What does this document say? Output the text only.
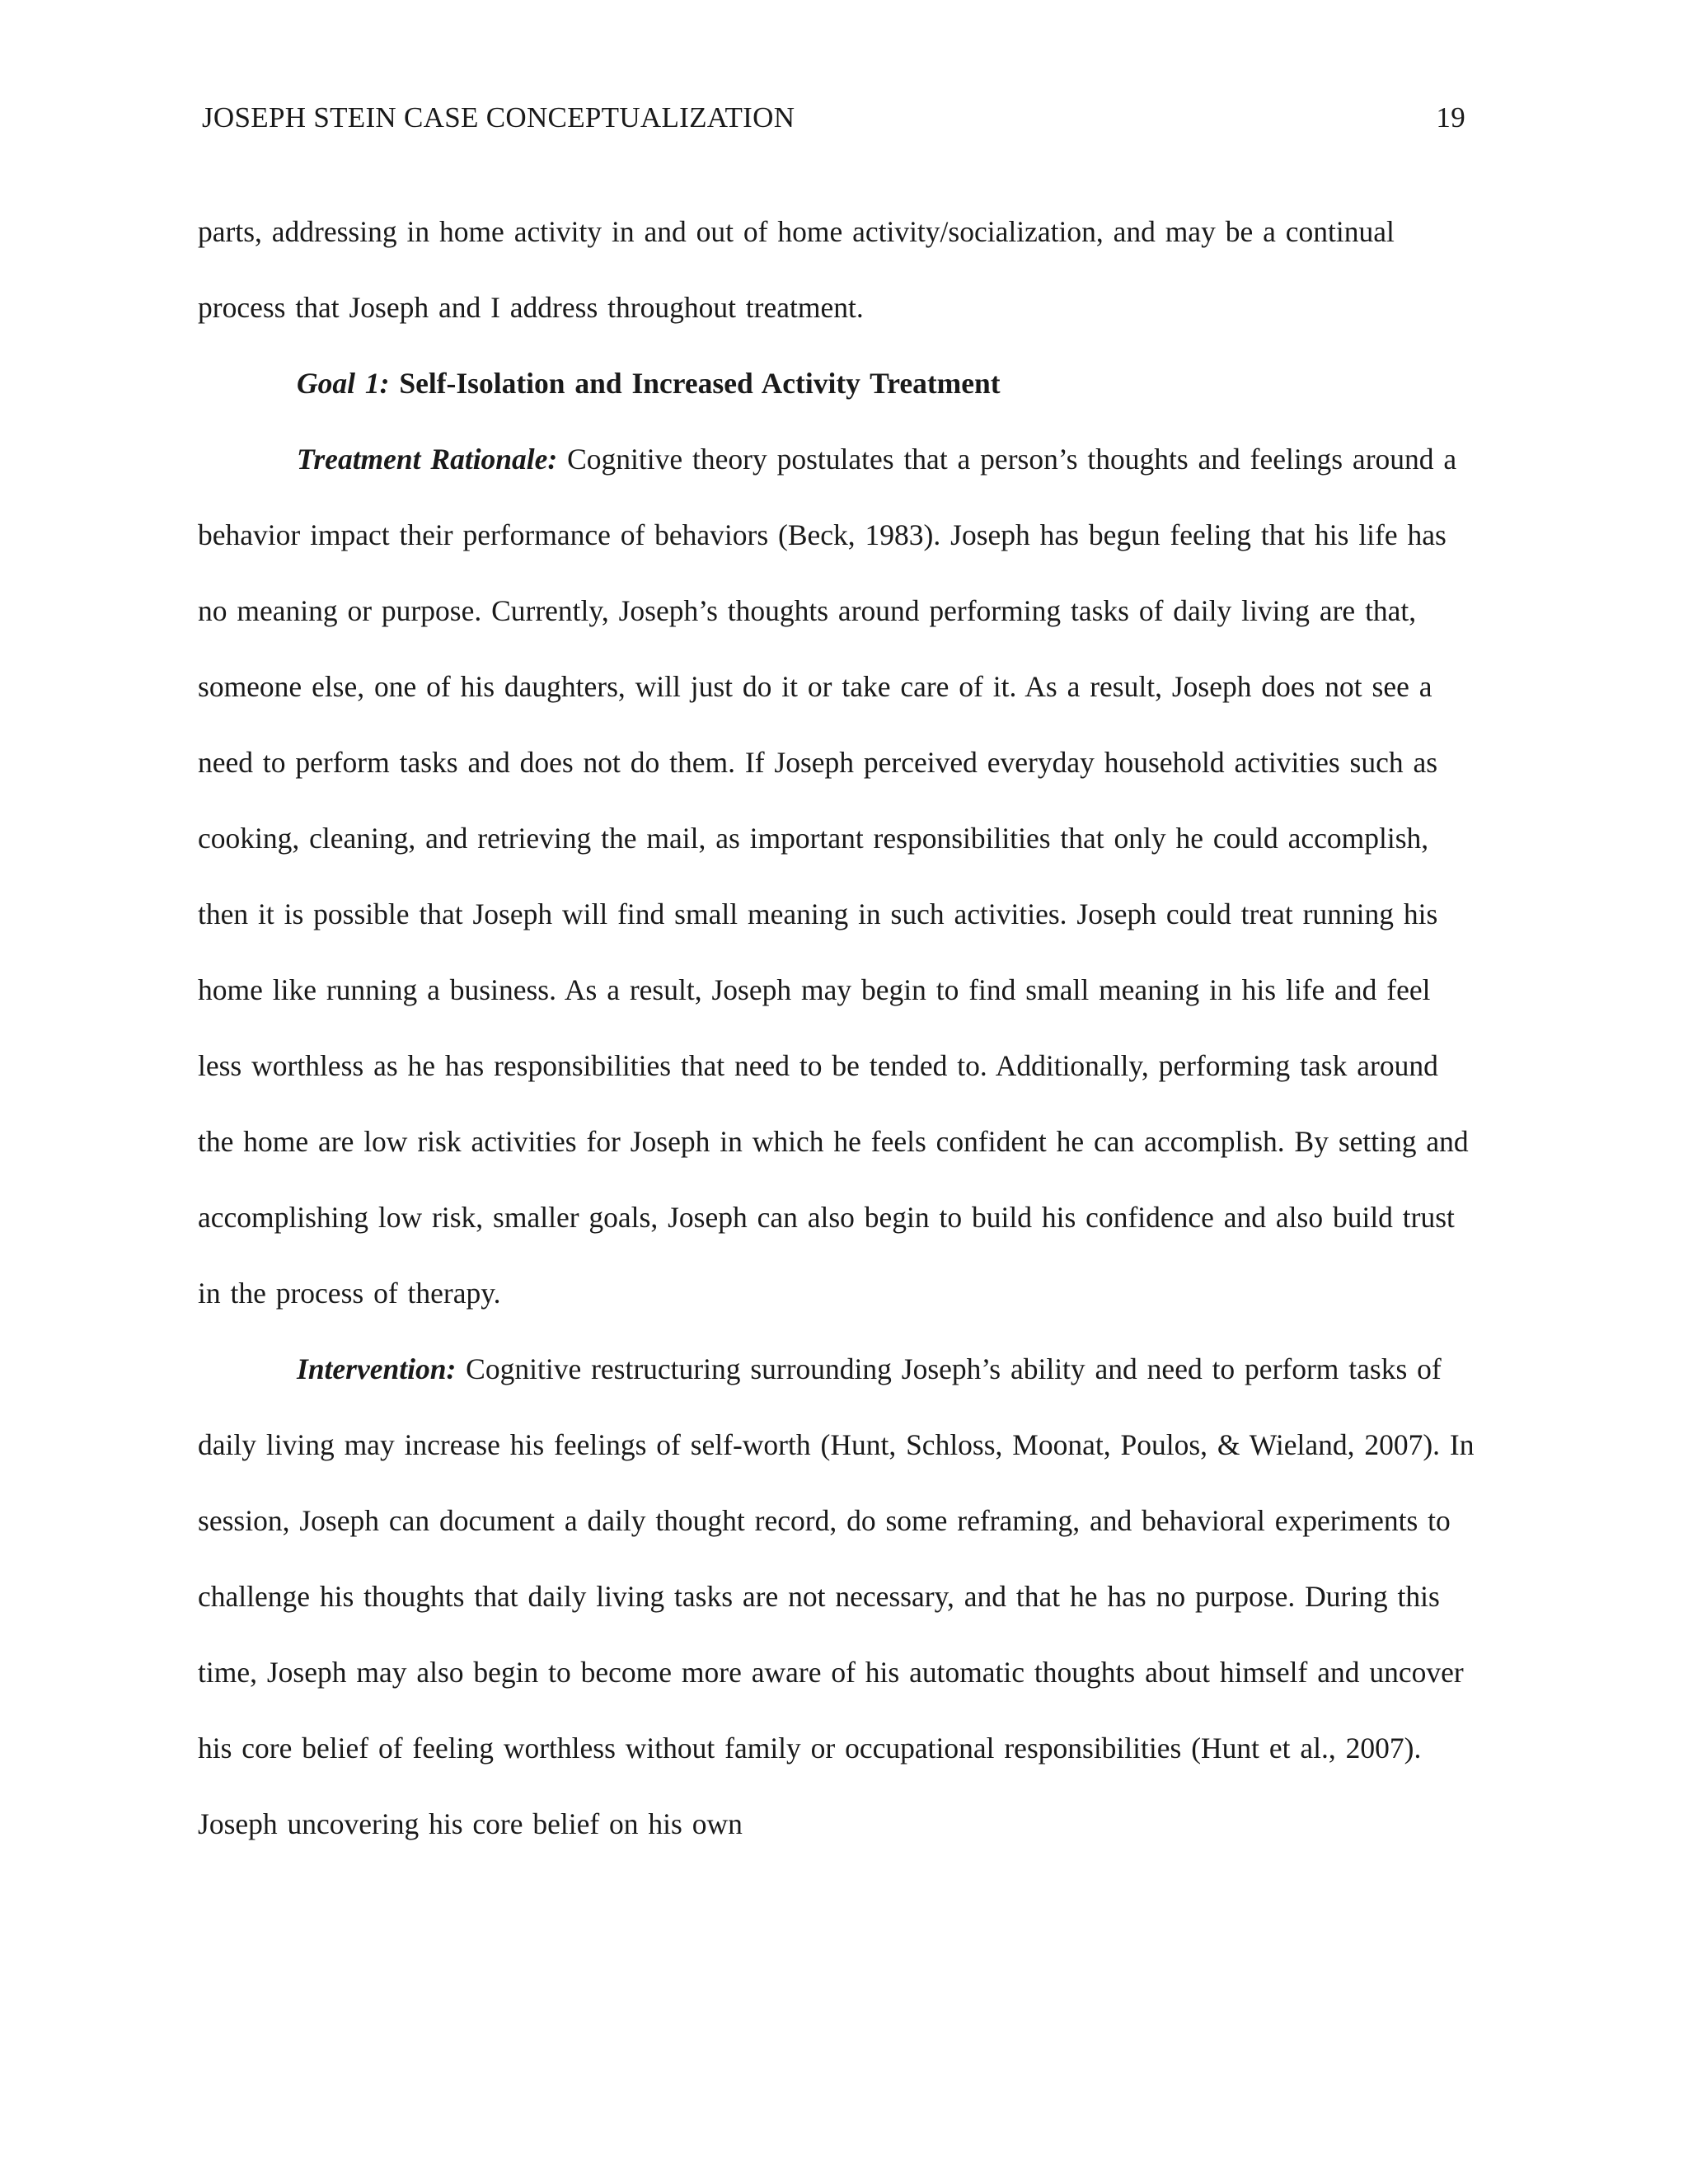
JOSEPH STEIN CASE CONCEPTUALIZATION	19

parts, addressing in home activity in and out of home activity/socialization, and may be a continual process that Joseph and I address throughout treatment.

Goal 1: Self-Isolation and Increased Activity Treatment

Treatment Rationale: Cognitive theory postulates that a person’s thoughts and feelings around a behavior impact their performance of behaviors (Beck, 1983). Joseph has begun feeling that his life has no meaning or purpose. Currently, Joseph’s thoughts around performing tasks of daily living are that, someone else, one of his daughters, will just do it or take care of it. As a result, Joseph does not see a need to perform tasks and does not do them. If Joseph perceived everyday household activities such as cooking, cleaning, and retrieving the mail, as important responsibilities that only he could accomplish, then it is possible that Joseph will find small meaning in such activities. Joseph could treat running his home like running a business. As a result, Joseph may begin to find small meaning in his life and feel less worthless as he has responsibilities that need to be tended to. Additionally, performing task around the home are low risk activities for Joseph in which he feels confident he can accomplish. By setting and accomplishing low risk, smaller goals, Joseph can also begin to build his confidence and also build trust in the process of therapy.

Intervention: Cognitive restructuring surrounding Joseph’s ability and need to perform tasks of daily living may increase his feelings of self-worth (Hunt, Schloss, Moonat, Poulos, & Wieland, 2007). In session, Joseph can document a daily thought record, do some reframing, and behavioral experiments to challenge his thoughts that daily living tasks are not necessary, and that he has no purpose. During this time, Joseph may also begin to become more aware of his automatic thoughts about himself and uncover his core belief of feeling worthless without family or occupational responsibilities (Hunt et al., 2007). Joseph uncovering his core belief on his own
